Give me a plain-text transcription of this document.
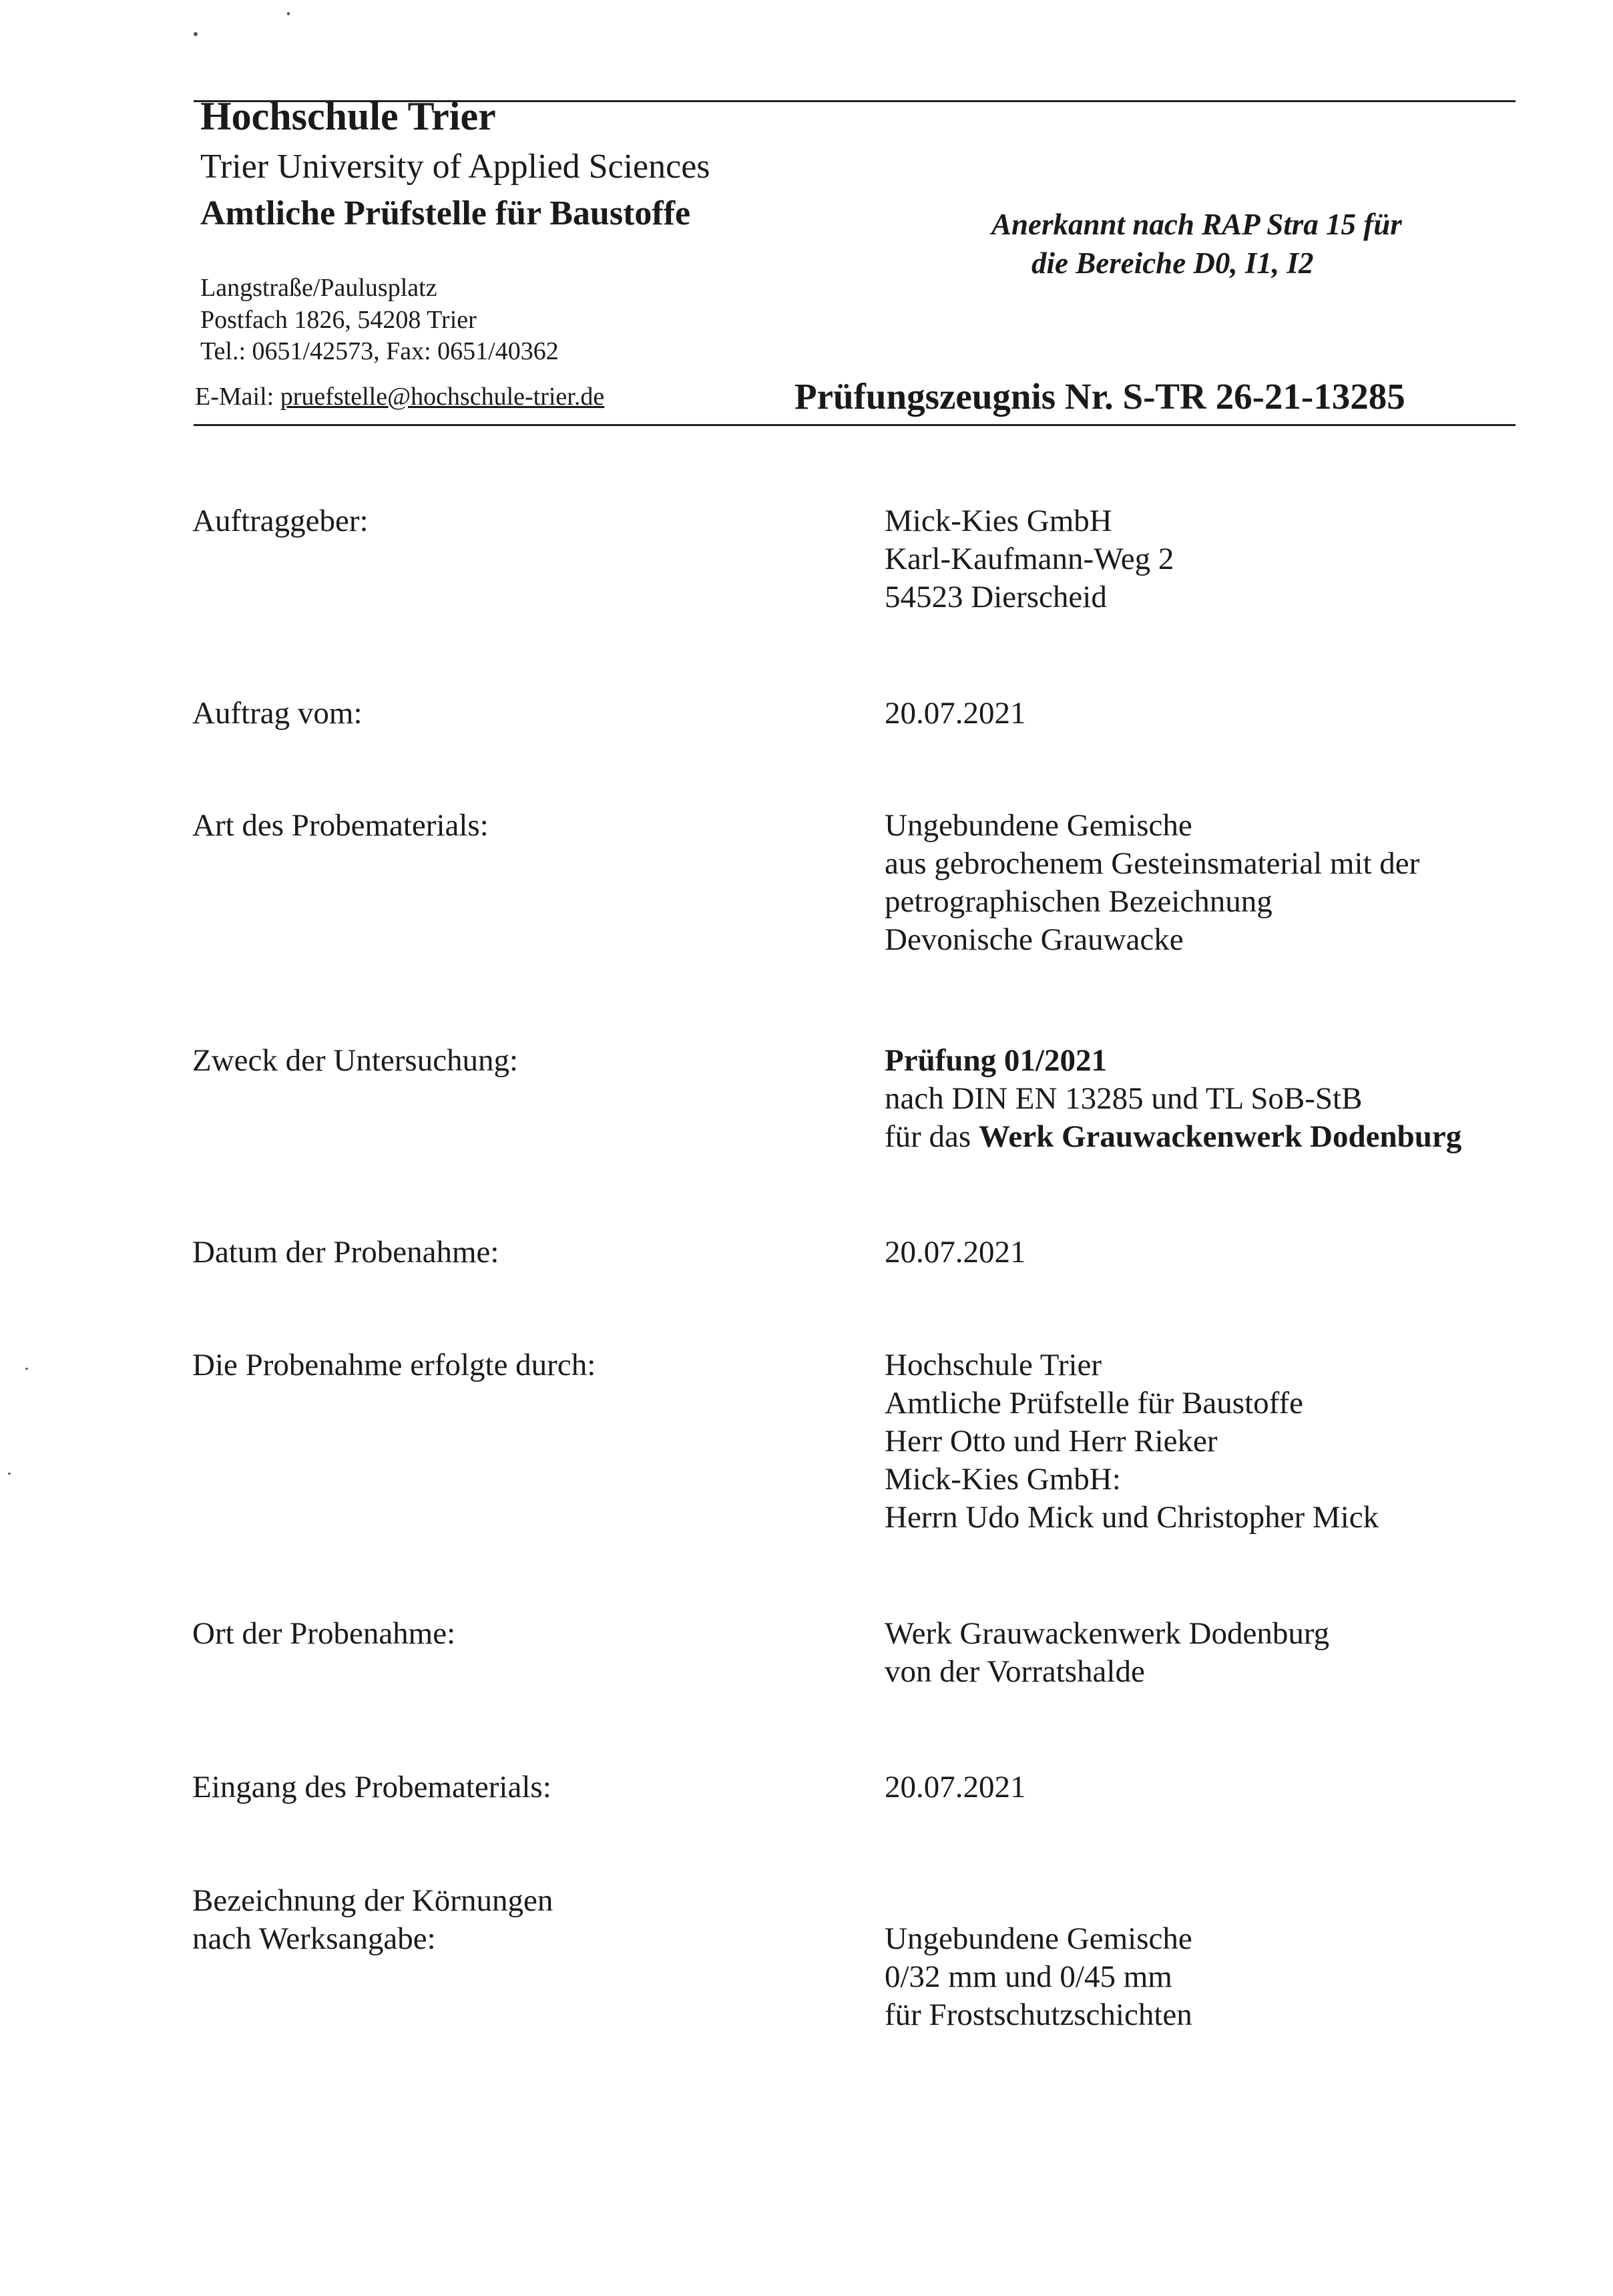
Hochschule Trier
Trier University of Applied Sciences
Amtliche Prüfstelle für Baustoffe
Langstraße/Paulusplatz
Postfach 1826, 54208 Trier
Tel.: 0651/42573, Fax: 0651/40362
E-Mail: pruefstelle@hochschule-trier.de
Anerkannt nach RAP Stra 15 für
die Bereiche D0, I1, I2
Prüfungszeugnis Nr. S-TR 26-21-13285
Auftraggeber:	Mick-Kies GmbH
Karl-Kaufmann-Weg 2
54523 Dierscheid
Auftrag vom:	20.07.2021
Art des Probematerials:	Ungebundene Gemische
aus gebrochenem Gesteinsmaterial mit der
petrographischen Bezeichnung
Devonische Grauwacke
Zweck der Untersuchung:	Prüfung 01/2021
nach DIN EN 13285 und TL SoB-StB
für das Werk Grauwackenwerk Dodenburg
Datum der Probenahme:	20.07.2021
Die Probenahme erfolgte durch:	Hochschule Trier
Amtliche Prüfstelle für Baustoffe
Herr Otto und Herr Rieker
Mick-Kies GmbH:
Herrn Udo Mick und Christopher Mick
Ort der Probenahme:	Werk Grauwackenwerk Dodenburg
von der Vorratshalde
Eingang des Probematerials:	20.07.2021
Bezeichnung der Körnungen
nach Werksangabe:	Ungebundene Gemische
0/32 mm und 0/45 mm
für Frostschutzschichten
